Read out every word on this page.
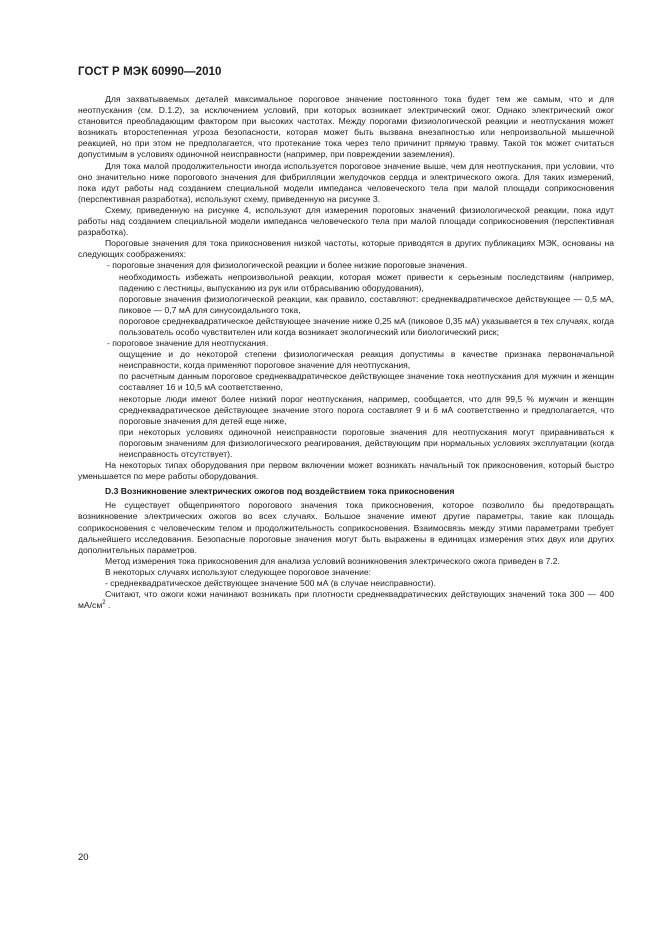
ГОСТ Р МЭК 60990—2010

Для захватываемых деталей максимальное пороговое значение постоянного тока будет тем же самым, что и для неотпускания (см. D.1.2), за исключением условий, при которых возникает электрический ожог. Однако электрический ожог становится преобладающим фактором при высоких частотах. Между порогами физиологической реакции и неотпускания может возникать второстепенная угроза безопасности, которая может быть вызвана внезапностью или непроизвольной мышечной реакцией, но при этом не предполагается, что протекание тока через тело причинит прямую травму. Такой ток может считаться допустимым в условиях одиночной неисправности (например, при повреждении заземления).

Для тока малой продолжительности иногда используется пороговое значение выше, чем для неотпускания, при условии, что оно значительно ниже порогового значения для фибрилляции желудочков сердца и электрического ожога. Для таких измерений, пока идут работы над созданием специальной модели импеданса человеческого тела при малой площади соприкосновения (перспективная разработка), используют схему, приведенную на рисунке 3.

Схему, приведенную на рисунке 4, используют для измерения пороговых значений физиологической реакции, пока идут работы над созданием специальной модели импеданса человеческого тела при малой площади соприкосновения (перспективная разработка).

Пороговые значения для тока прикосновения низкой частоты, которые приводятся в других публикациях МЭК, основаны на следующих соображениях:

- пороговые значения для физиологической реакции и более низкие пороговые значения.

необходимость избежать непроизвольной реакции, которая может привести к серьезным последствиям (например, падению с лестницы, выпусканию из рук или отбрасыванию оборудования),

пороговые значения физиологической реакции, как правило, составляют: среднеквадратическое действующее — 0,5 мА, пиковое — 0,7 мА для синусоидального тока,

пороговое среднеквадратическое действующее значение ниже 0,25 мА (пиковое 0,35 мА) указывается в тех случаях, когда пользователь особо чувствителен или когда возникает экологический или биологический риск;

- пороговое значение для неотпускания.

ощущение и до некоторой степени физиологическая реакция допустимы в качестве признака первоначальной неисправности, когда применяют пороговое значение для неотпускания,

по расчетным данным пороговое среднеквадратическое действующее значение тока неотпускания для мужчин и женщин составляет 16 и 10,5 мА соответственно,

некоторые люди имеют более низкий порог неотпускания, например, сообщается, что для 99,5 % мужчин и женщин среднеквадратическое действующее значение этого порога составляет 9 и 6 мА соответственно и предполагается, что пороговые значения для детей еще ниже,

при некоторых условиях одиночной неисправности пороговые значения для неотпускания могут приравниваться к пороговым значениям для физиологического реагирования, действующим при нормальных условиях эксплуатации (когда неисправность отсутствует).

На некоторых типах оборудования при первом включении может возникать начальный ток прикосновения, который быстро уменьшается по мере работы оборудования.

D.3 Возникновение электрических ожогов под воздействием тока прикосновения

Не существует общепринятого порогового значения тока прикосновения, которое позволило бы предотвращать возникновение электрических ожогов во всех случаях. Большое значение имеют другие параметры, такие как площадь соприкосновения с человеческим телом и продолжительность соприкосновения. Взаимосвязь между этими параметрами требует дальнейшего исследования. Безопасные пороговые значения могут быть выражены в единицах измерения этих двух или других дополнительных параметров.

Метод измерения тока прикосновения для анализа условий возникновения электрического ожога приведен в 7.2.

В некоторых случаях используют следующее пороговое значение:

- среднеквадратическое действующее значение 500 мА (в случае неисправности).

Считают, что ожоги кожи начинают возникать при плотности среднеквадратических действующих значений тока 300 — 400 $мА/см^2$ .

20
